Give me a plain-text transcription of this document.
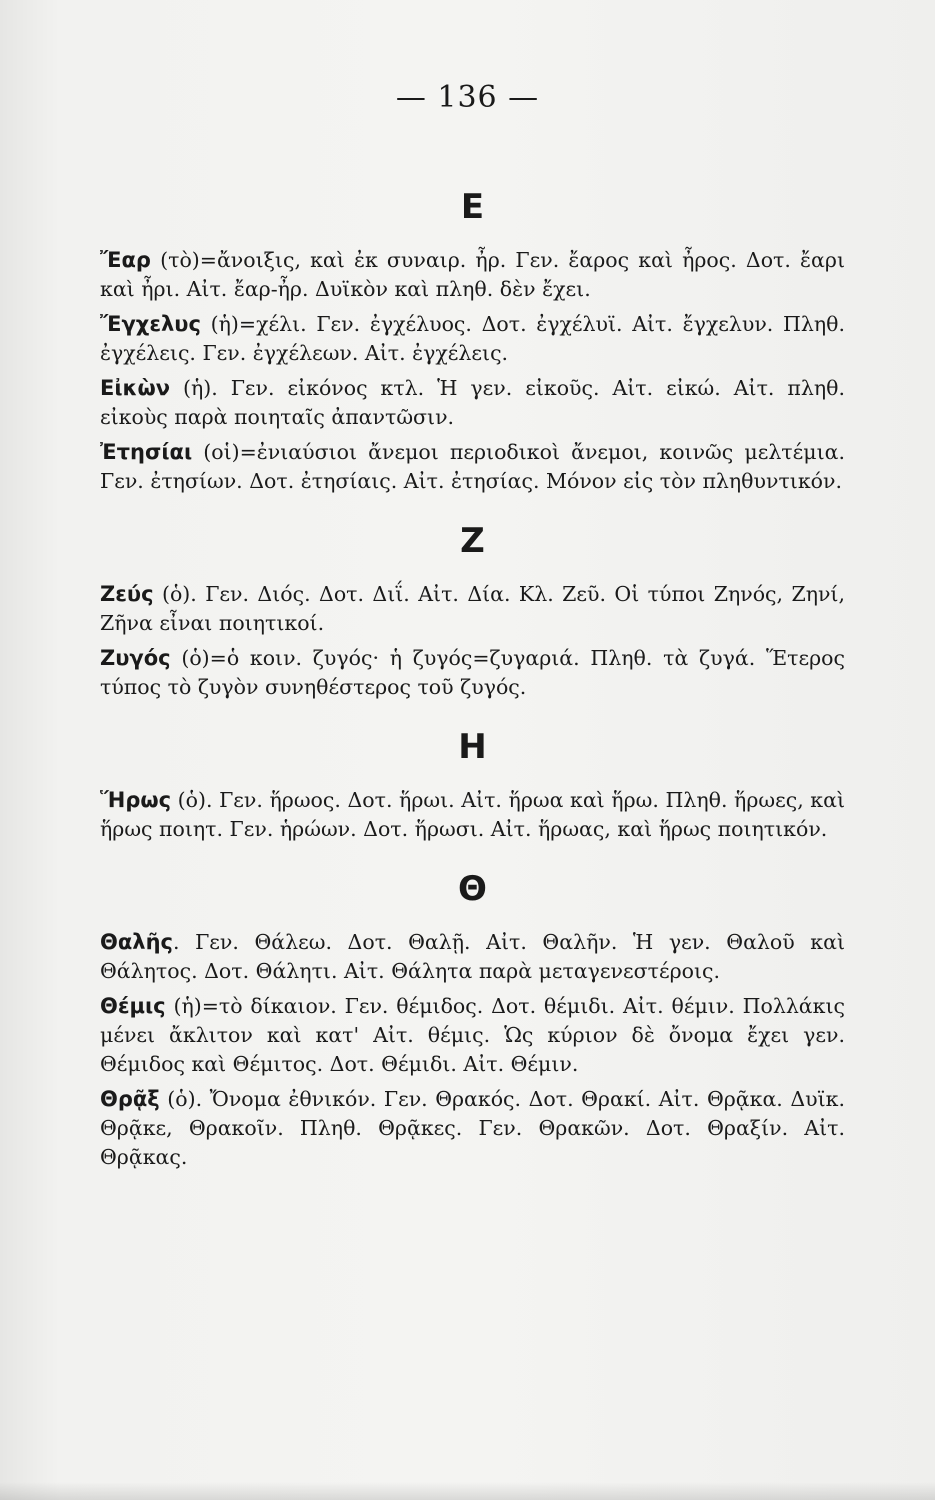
— 136 —
Ε

Ἔαρ (τὸ)=ἄνοιξις, καὶ ἐκ συναιρ. ἦρ. Γεν. ἔαρος καὶ ἦρος. Δοτ. ἔαρι καὶ ἦρι. Αἰτ. ἔαρ-ἦρ. Δυϊκὸν καὶ πληθ. δὲν ἔχει.

Ἔγχελυς (ἡ)=χέλι. Γεν. ἐγχέλυος. Δοτ. ἐγχέλυϊ. Αἰτ. ἔγχελυν. Πληθ. ἐγχέλεις. Γεν. ἐγχέλεων. Αἰτ. ἐγχέλεις.

Εἰκὼν (ἡ). Γεν. εἰκόνος κτλ. Ἡ γεν. εἰκοῦς. Αἰτ. εἰκώ. Αἰτ. πληθ. εἰκοὺς παρὰ ποιηταῖς ἀπαντῶσιν.

Ἐτησίαι (οἱ)=ἐνιαύσιοι ἄνεμοι περιοδικοὶ ἄνεμοι, κοινῶς μελτέμια. Γεν. ἐτησίων. Δοτ. ἐτησίαις. Αἰτ. ἐτησίας. Μόνον εἰς τὸν πληθυντικόν.

Ζ

Ζεύς (ὁ). Γεν. Διός. Δοτ. Διΐ. Αἰτ. Δία. Κλ. Ζεῦ. Οἱ τύποι Ζηνός, Ζηνί, Ζῆνα εἶναι ποιητικοί.

Ζυγός (ὁ)=ὁ κοιν. ζυγός· ἡ ζυγός=ζυγαριά. Πληθ. τὰ ζυγά. Ἕτερος τύπος τὸ ζυγὸν συνηθέστερος τοῦ ζυγός.

Η

Ἥρως (ὁ). Γεν. ἥρωος. Δοτ. ἥρωι. Αἰτ. ἥρωα καὶ ἥρω. Πληθ. ἥρωες, καὶ ἥρως ποιητ. Γεν. ἡρώων. Δοτ. ἥρωσι. Αἰτ. ἥρωας, καὶ ἥρως ποιητικόν.

Θ

Θαλῆς. Γεν. Θάλεω. Δοτ. Θαλῇ. Αἰτ. Θαλῆν. Ἡ γεν. Θαλοῦ καὶ Θάλητος. Δοτ. Θάλητι. Αἰτ. Θάλητα παρὰ μεταγενεστέροις.

Θέμις (ἡ)=τὸ δίκαιον. Γεν. θέμιδος. Δοτ. θέμιδι. Αἰτ. θέμιν. Πολλάκις μένει ἄκλιτον καὶ κατ' Αἰτ. θέμις. Ὡς κύριον δὲ ὄνομα ἔχει γεν. Θέμιδος καὶ Θέμιτος. Δοτ. Θέμιδι. Αἰτ. Θέμιν.

Θρᾷξ (ὁ). Ὄνομα ἐθνικόν. Γεν. Θρακός. Δοτ. Θρακί. Αἰτ. Θρᾷκα. Δυϊκ. Θρᾷκε, Θρακοῖν. Πληθ. Θρᾷκες. Γεν. Θρακῶν. Δοτ. Θραξίν. Αἰτ. Θρᾷκας.
